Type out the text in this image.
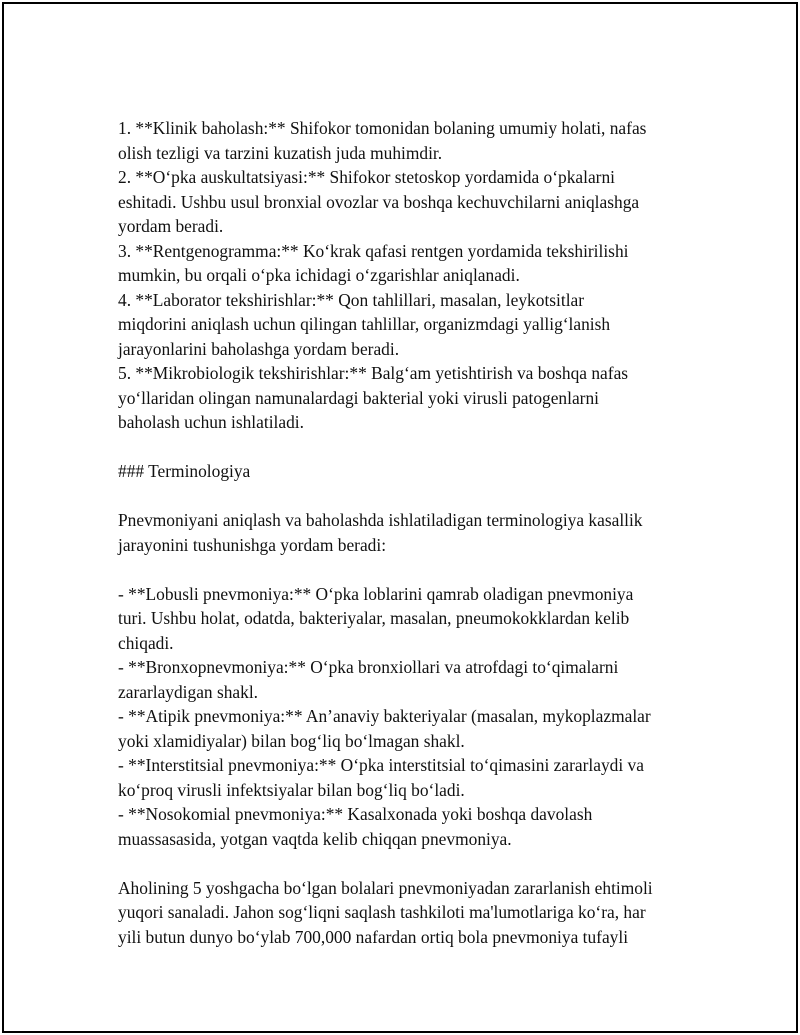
1. **Klinik baholash:** Shifokor tomonidan bolaning umumiy holati, nafas
olish tezligi va tarzini kuzatish juda muhimdir.
2. **O‘pka auskultatsiyasi:** Shifokor stetoskop yordamida o‘pkalarni
eshitadi. Ushbu usul bronxial ovozlar va boshqa kechuvchilarni aniqlashga
yordam beradi.
3. **Rentgenogramma:** Ko‘krak qafasi rentgen yordamida tekshirilishi
mumkin, bu orqali o‘pka ichidagi o‘zgarishlar aniqlanadi.
4. **Laborator tekshirishlar:** Qon tahlillari, masalan, leykotsitlar
miqdorini aniqlash uchun qilingan tahlillar, organizmdagi yallig‘lanish
jarayonlarini baholashga yordam beradi.
5. **Mikrobiologik tekshirishlar:** Balg‘am yetishtirish va boshqa nafas
yo‘llaridan olingan namunalardagi bakterial yoki virusli patogenlarni
baholash uchun ishlatiladi.
### Terminologiya
Pnevmoniyani aniqlash va baholashda ishlatiladigan terminologiya kasallik
jarayonini tushunishga yordam beradi:
- **Lobusli pnevmoniya:** O‘pka loblarini qamrab oladigan pnevmoniya
turi. Ushbu holat, odatda, bakteriyalar, masalan, pneumokokklardan kelib
chiqadi.
- **Bronxopnevmoniya:** O‘pka bronxiollari va atrofdagi to‘qimalarni
zararlaydigan shakl.
- **Atipik pnevmoniya:** An’anaviy bakteriyalar (masalan, mykoplazmalar
yoki xlamidiyalar) bilan bog‘liq bo‘lmagan shakl.
- **Interstitsial pnevmoniya:** O‘pka interstitsial to‘qimasini zararlaydi va
ko‘proq virusli infektsiyalar bilan bog‘liq bo‘ladi.
- **Nosokomial pnevmoniya:** Kasalxonada yoki boshqa davolash
muassasasida, yotgan vaqtda kelib chiqqan pnevmoniya.
Aholining 5 yoshgacha bo‘lgan bolalari pnevmoniyadan zararlanish ehtimoli
yuqori sanaladi. Jahon sog‘liqni saqlash tashkiloti ma'lumotlariga ko‘ra, har
yili butun dunyo bo‘ylab 700,000 nafardan ortiq bola pnevmoniya tufayli
